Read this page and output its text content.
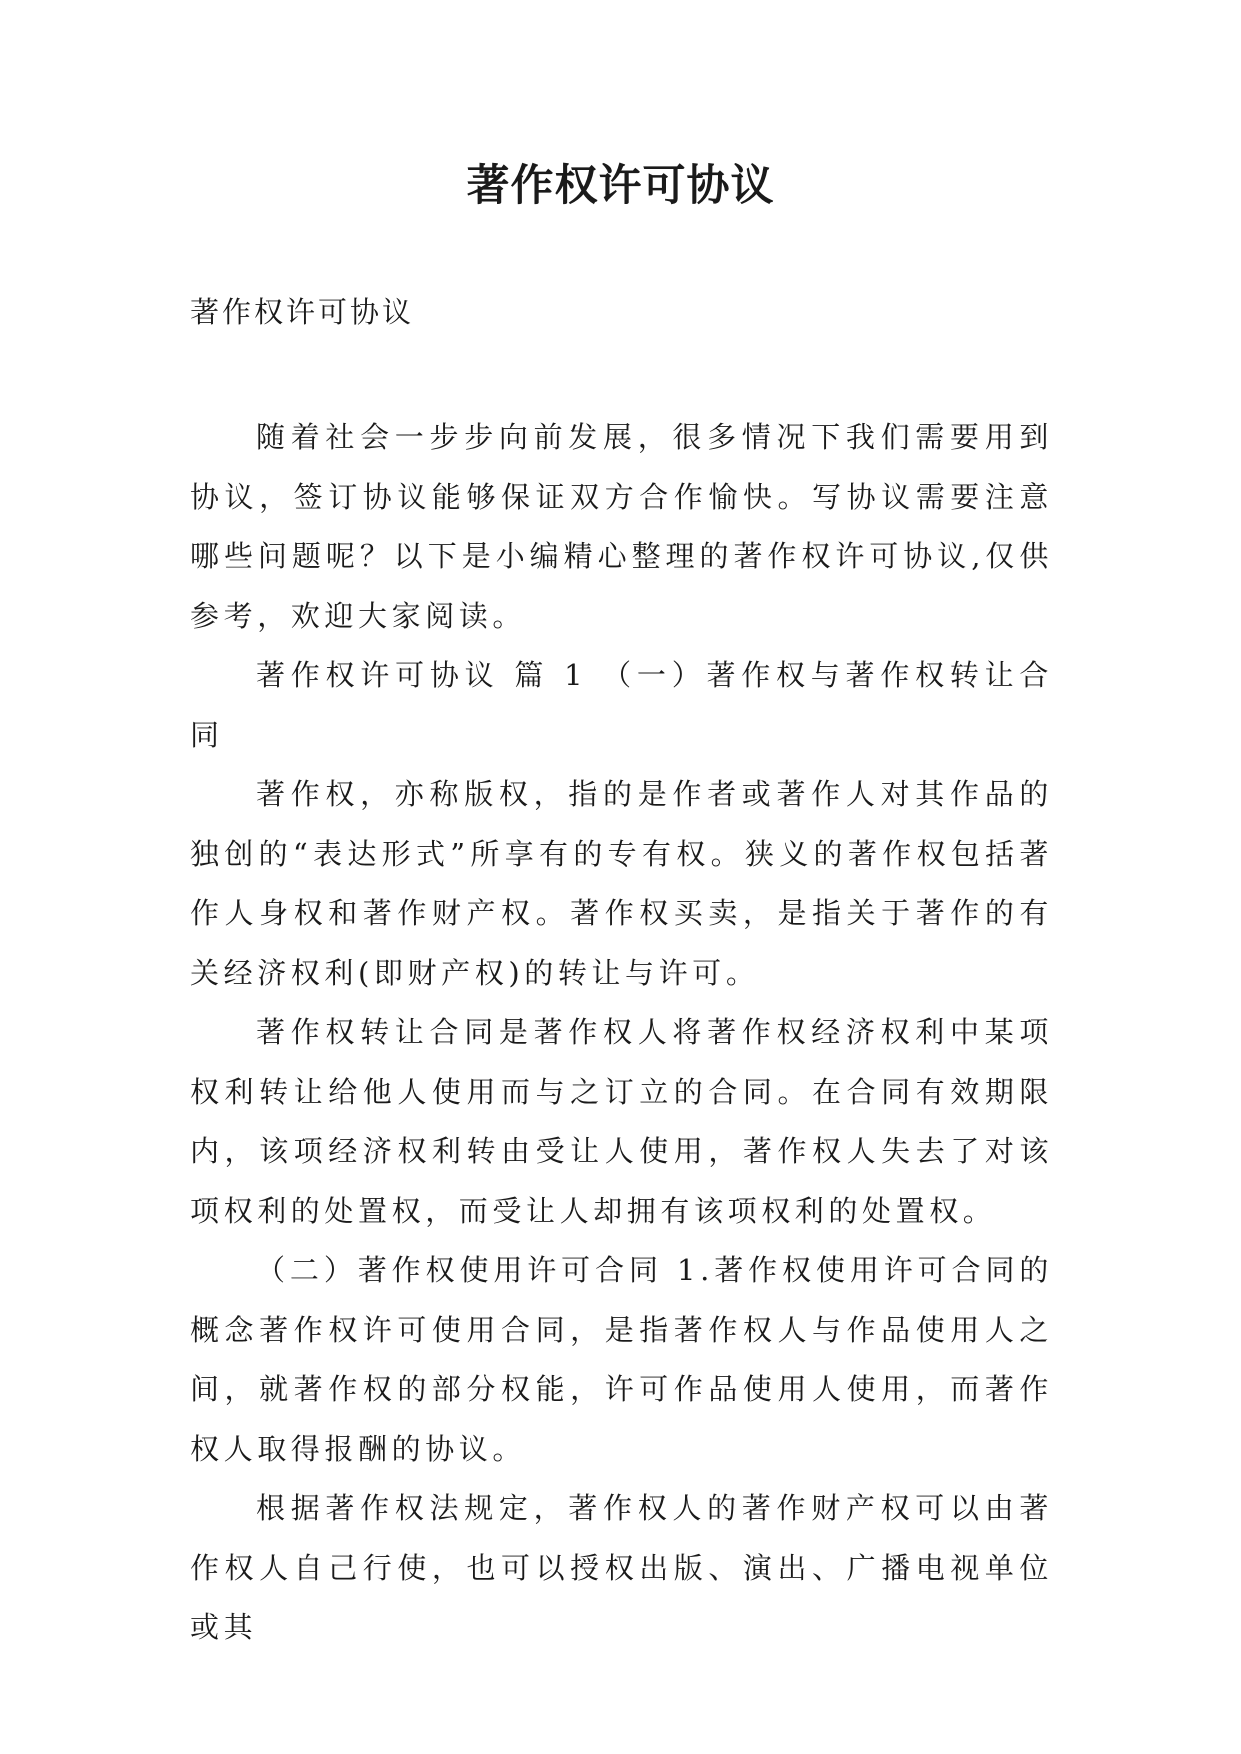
著作权许可协议

著作权许可协议

随着社会一步步向前发展，很多情况下我们需要用到协议，签订协议能够保证双方合作愉快。写协议需要注意哪些问题呢？以下是小编精心整理的著作权许可协议,仅供参考，欢迎大家阅读。

著作权许可协议 篇 1 （一）著作权与著作权转让合同

著作权，亦称版权，指的是作者或著作人对其作品的独创的“表达形式”所享有的专有权。狭义的著作权包括著作人身权和著作财产权。著作权买卖，是指关于著作的有关经济权利(即财产权)的转让与许可。

著作权转让合同是著作权人将著作权经济权利中某项权利转让给他人使用而与之订立的合同。在合同有效期限内，该项经济权利转由受让人使用，著作权人失去了对该项权利的处置权，而受让人却拥有该项权利的处置权。

（二）著作权使用许可合同 1.著作权使用许可合同的概念著作权许可使用合同，是指著作权人与作品使用人之间，就著作权的部分权能，许可作品使用人使用，而著作权人取得报酬的协议。

根据著作权法规定，著作权人的著作财产权可以由著作权人自己行使，也可以授权出版、演出、广播电视单位或其
